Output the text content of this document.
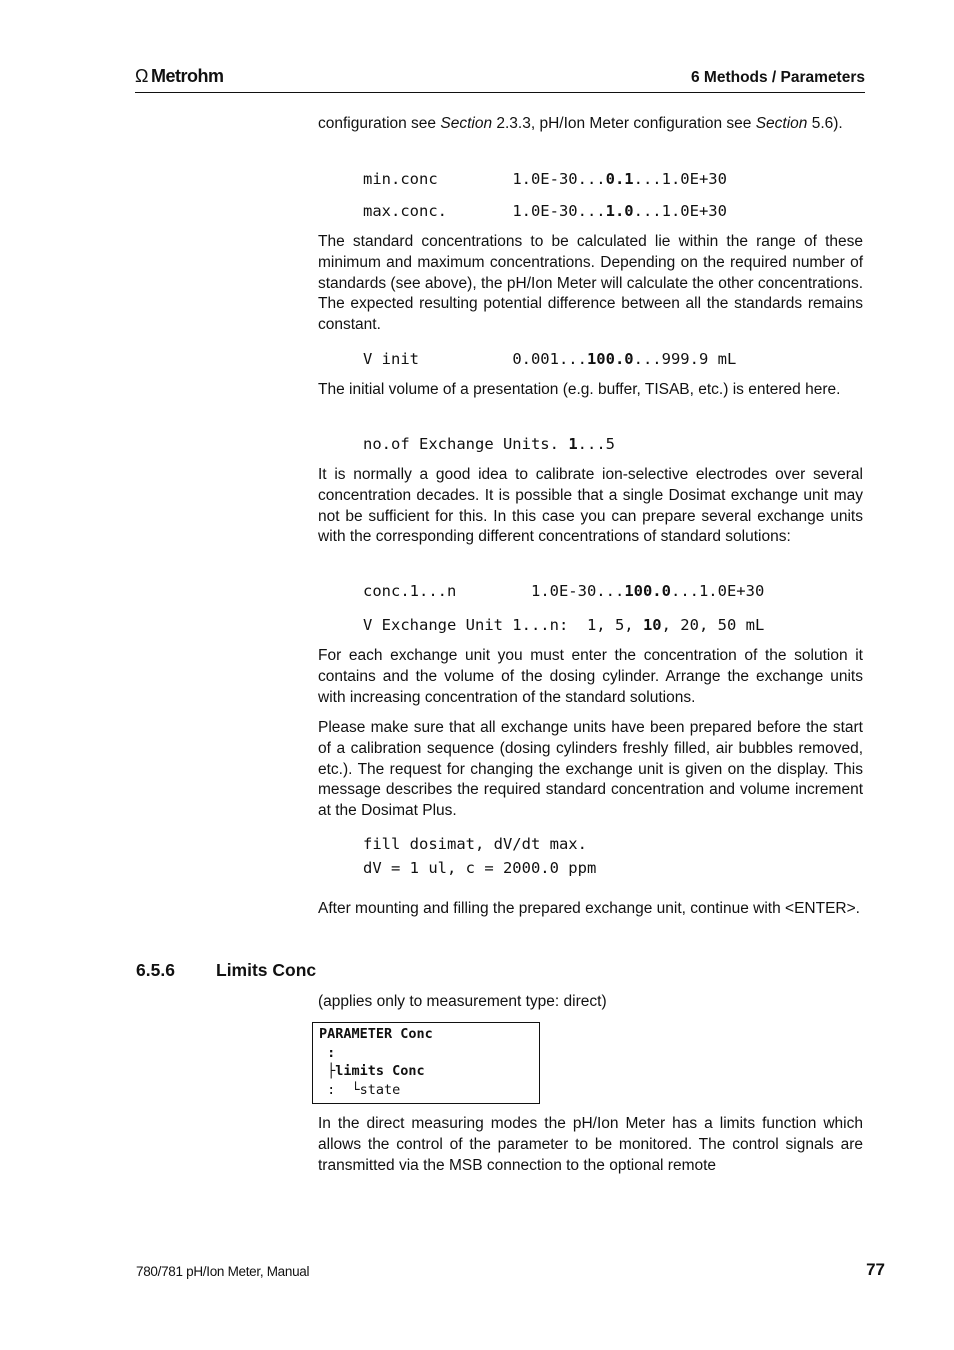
Ω Metrohm	6 Methods / Parameters

configuration see Section 2.3.3, pH/Ion Meter configuration see Section 5.6).

min.conc        1.0E-30...0.1...1.0E+30
max.conc.       1.0E-30...1.0...1.0E+30

The standard concentrations to be calculated lie within the range of these minimum and maximum concentrations. Depending on the required number of standards (see above), the pH/Ion Meter will calculate the other concentrations. The expected resulting potential difference between all the standards remains constant.

V init          0.001...100.0...999.9 mL

The initial volume of a presentation (e.g. buffer, TISAB, etc.) is entered here.

no.of Exchange Units. 1...5

It is normally a good idea to calibrate ion-selective electrodes over several concentration decades. It is possible that a single Dosimat exchange unit may not be sufficient for this. In this case you can prepare several exchange units with the corresponding different concentrations of standard solutions:

conc.1...n        1.0E-30...100.0...1.0E+30
V Exchange Unit 1...n:  1, 5, 10, 20, 50 mL

For each exchange unit you must enter the concentration of the solution it contains and the volume of the dosing cylinder. Arrange the exchange units with increasing concentration of the standard solutions.

Please make sure that all exchange units have been prepared before the start of a calibration sequence (dosing cylinders freshly filled, air bubbles removed, etc.). The request for changing the exchange unit is given on the display. This message describes the required standard concentration and volume increment at the Dosimat Plus.

fill dosimat, dV/dt max.
dV = 1 ul, c = 2000.0 ppm

After mounting and filling the prepared exchange unit, continue with <ENTER>.

6.5.6 Limits Conc

(applies only to measurement type: direct)

PARAMETER Conc
:
├limits Conc
:  └state

In the direct measuring modes the pH/Ion Meter has a limits function which allows the control of the parameter to be monitored. The control signals are transmitted via the MSB connection to the optional remote

780/781 pH/Ion Meter, Manual	77
